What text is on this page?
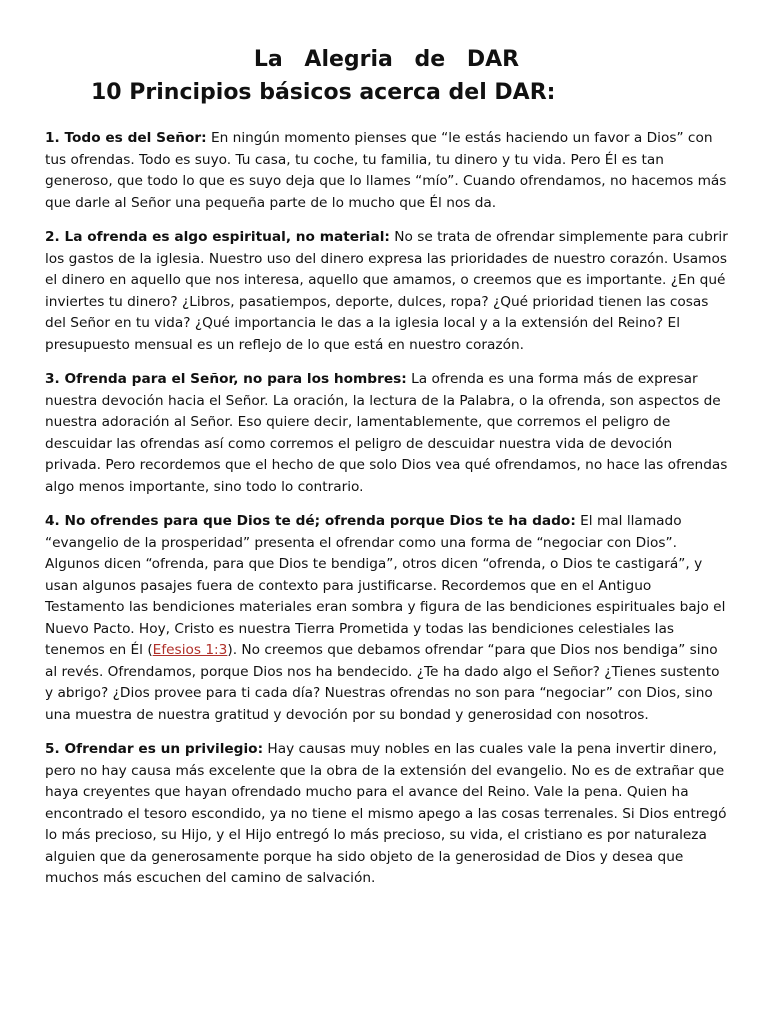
La Alegria de DAR
10 Principios básicos acerca del DAR:

1. Todo es del Señor: En ningún momento pienses que “le estás haciendo un favor a Dios” con tus ofrendas. Todo es suyo. Tu casa, tu coche, tu familia, tu dinero y tu vida. Pero Él es tan generoso, que todo lo que es suyo deja que lo llames “mío”. Cuando ofrendamos, no hacemos más que darle al Señor una pequeña parte de lo mucho que Él nos da.

2. La ofrenda es algo espiritual, no material: No se trata de ofrendar simplemente para cubrir los gastos de la iglesia. Nuestro uso del dinero expresa las prioridades de nuestro corazón. Usamos el dinero en aquello que nos interesa, aquello que amamos, o creemos que es importante. ¿En qué inviertes tu dinero? ¿Libros, pasatiempos, deporte, dulces, ropa? ¿Qué prioridad tienen las cosas del Señor en tu vida? ¿Qué importancia le das a la iglesia local y a la extensión del Reino? El presupuesto mensual es un reflejo de lo que está en nuestro corazón.

3. Ofrenda para el Señor, no para los hombres: La ofrenda es una forma más de expresar nuestra devoción hacia el Señor. La oración, la lectura de la Palabra, o la ofrenda, son aspectos de nuestra adoración al Señor. Eso quiere decir, lamentablemente, que corremos el peligro de descuidar las ofrendas así como corremos el peligro de descuidar nuestra vida de devoción privada. Pero recordemos que el hecho de que solo Dios vea qué ofrendamos, no hace las ofrendas algo menos importante, sino todo lo contrario.

4. No ofrendes para que Dios te dé; ofrenda porque Dios te ha dado: El mal llamado “evangelio de la prosperidad” presenta el ofrendar como una forma de “negociar con Dios”. Algunos dicen “ofrenda, para que Dios te bendiga”, otros dicen “ofrenda, o Dios te castigará”, y usan algunos pasajes fuera de contexto para justificarse. Recordemos que en el Antiguo Testamento las bendiciones materiales eran sombra y figura de las bendiciones espirituales bajo el Nuevo Pacto. Hoy, Cristo es nuestra Tierra Prometida y todas las bendiciones celestiales las tenemos en Él (Efesios 1:3). No creemos que debamos ofrendar “para que Dios nos bendiga” sino al revés. Ofrendamos, porque Dios nos ha bendecido. ¿Te ha dado algo el Señor? ¿Tienes sustento y abrigo? ¿Dios provee para ti cada día? Nuestras ofrendas no son para “negociar” con Dios, sino una muestra de nuestra gratitud y devoción por su bondad y generosidad con nosotros.

5. Ofrendar es un privilegio: Hay causas muy nobles en las cuales vale la pena invertir dinero, pero no hay causa más excelente que la obra de la extensión del evangelio. No es de extrañar que haya creyentes que hayan ofrendado mucho para el avance del Reino. Vale la pena. Quien ha encontrado el tesoro escondido, ya no tiene el mismo apego a las cosas terrenales. Si Dios entregó lo más precioso, su Hijo, y el Hijo entregó lo más precioso, su vida, el cristiano es por naturaleza alguien que da generosamente porque ha sido objeto de la generosidad de Dios y desea que muchos más escuchen del camino de salvación.
